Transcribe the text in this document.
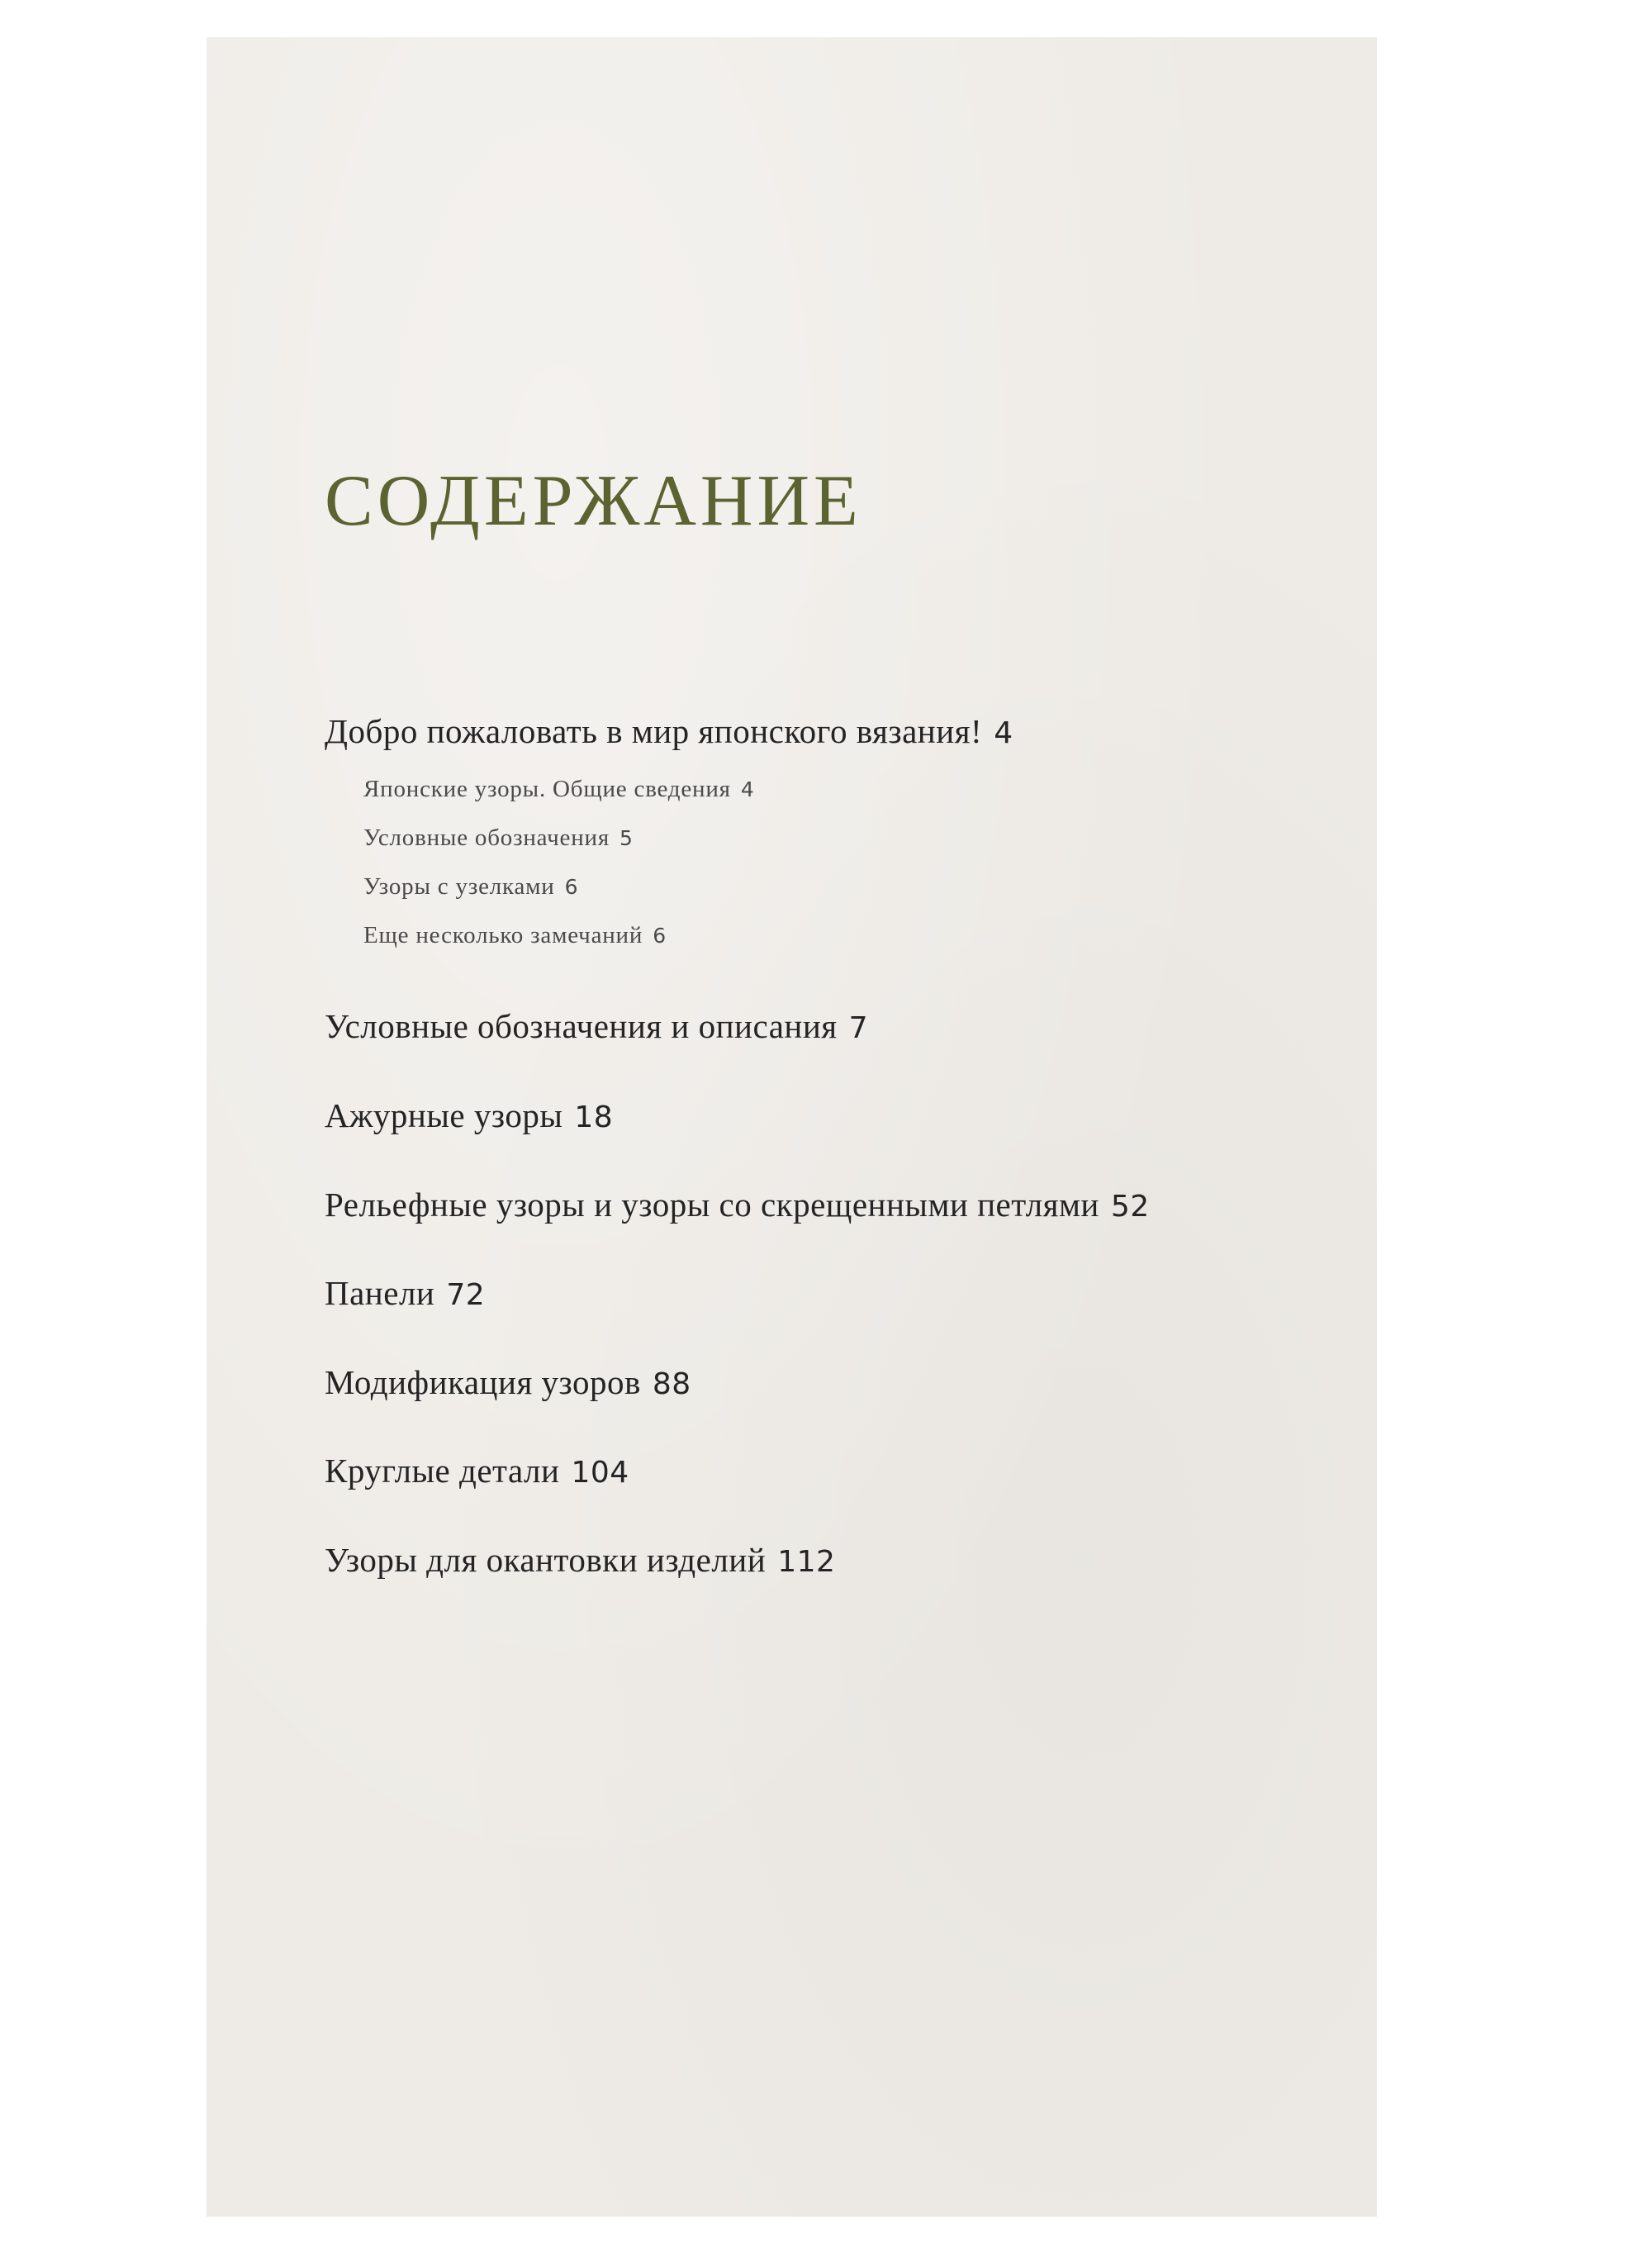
СОДЕРЖАНИЕ

Добро пожаловать в мир японского вязания! 4

Японские узоры. Общие сведения 4

Условные обозначения 5

Узоры с узелками 6

Еще несколько замечаний 6

Условные обозначения и описания 7

Ажурные узоры 18

Рельефные узоры и узоры со скрещенными петлями 52

Панели 72

Модификация узоров 88

Круглые детали 104

Узоры для окантовки изделий 112
